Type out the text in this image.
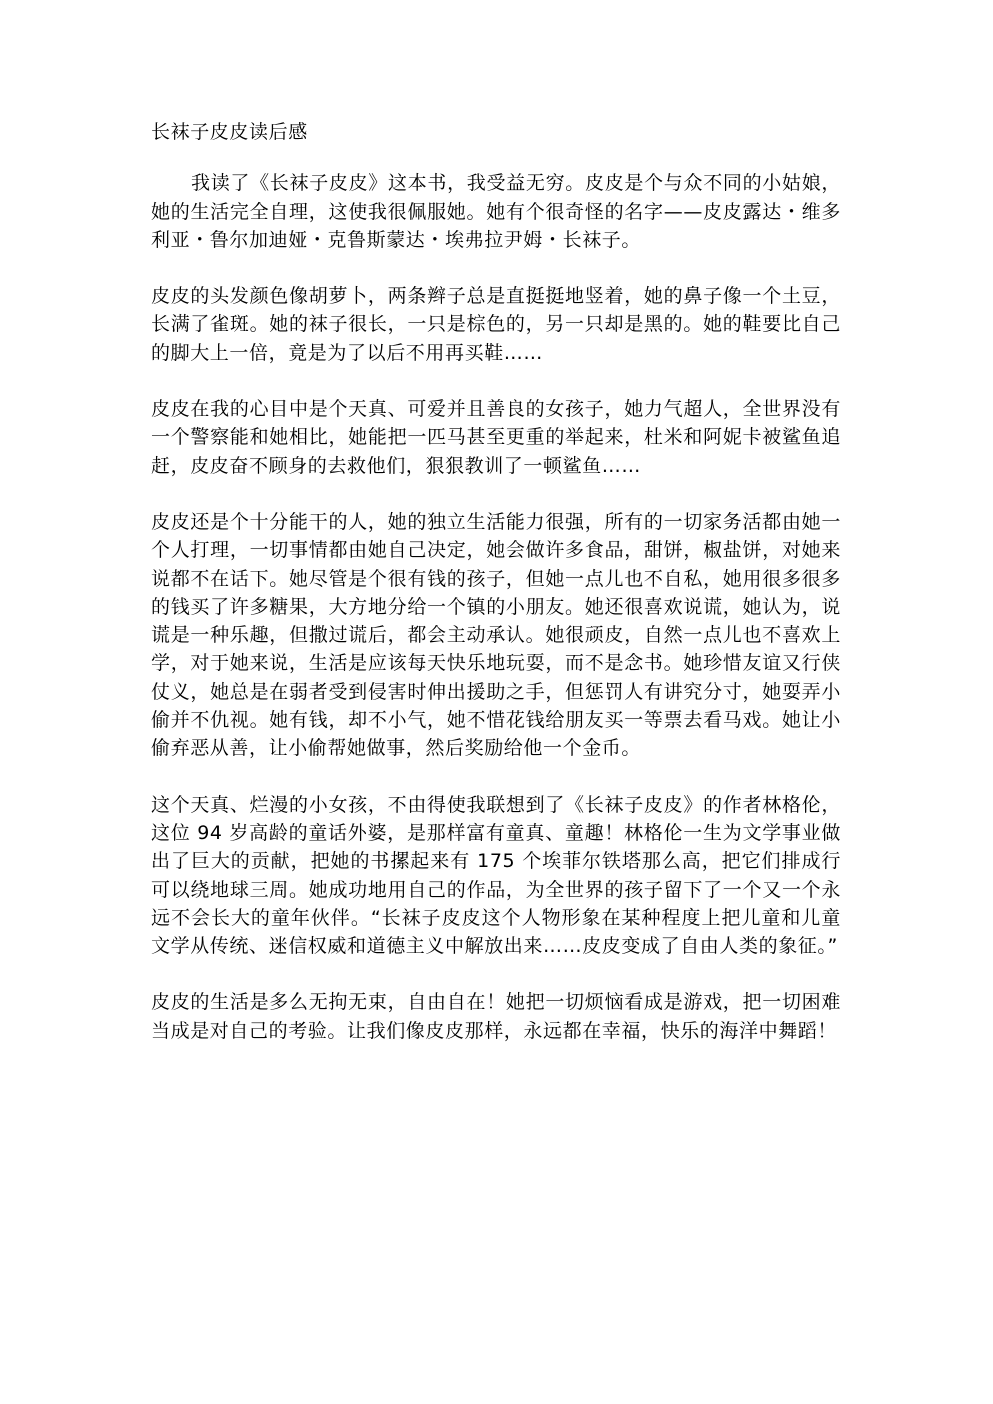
长袜子皮皮读后感

我读了《长袜子皮皮》这本书，我受益无穷。皮皮是个与众不同的小姑娘，她的生活完全自理，这使我很佩服她。她有个很奇怪的名字——皮皮露达・维多利亚・鲁尔加迪娅・克鲁斯蒙达・埃弗拉尹姆・长袜子。

皮皮的头发颜色像胡萝卜，两条辫子总是直挺挺地竖着，她的鼻子像一个土豆，长满了雀斑。她的袜子很长，一只是棕色的，另一只却是黑的。她的鞋要比自己的脚大上一倍，竟是为了以后不用再买鞋……

皮皮在我的心目中是个天真、可爱并且善良的女孩子，她力气超人，全世界没有一个警察能和她相比，她能把一匹马甚至更重的举起来，杜米和阿妮卡被鲨鱼追赶，皮皮奋不顾身的去救他们，狠狠教训了一顿鲨鱼……

皮皮还是个十分能干的人，她的独立生活能力很强，所有的一切家务活都由她一个人打理，一切事情都由她自己决定，她会做许多食品，甜饼，椒盐饼，对她来说都不在话下。她尽管是个很有钱的孩子，但她一点儿也不自私，她用很多很多的钱买了许多糖果，大方地分给一个镇的小朋友。她还很喜欢说谎，她认为，说谎是一种乐趣，但撒过谎后，都会主动承认。她很顽皮，自然一点儿也不喜欢上学，对于她来说，生活是应该每天快乐地玩耍，而不是念书。她珍惜友谊又行侠仗义，她总是在弱者受到侵害时伸出援助之手，但惩罚人有讲究分寸，她耍弄小偷并不仇视。她有钱，却不小气，她不惜花钱给朋友买一等票去看马戏。她让小偷弃恶从善，让小偷帮她做事，然后奖励给他一个金币。

这个天真、烂漫的小女孩，不由得使我联想到了《长袜子皮皮》的作者林格伦，这位 94 岁高龄的童话外婆，是那样富有童真、童趣！林格伦一生为文学事业做出了巨大的贡献，把她的书摞起来有 175 个埃菲尔铁塔那么高，把它们排成行可以绕地球三周。她成功地用自己的作品，为全世界的孩子留下了一个又一个永远不会长大的童年伙伴。“长袜子皮皮这个人物形象在某种程度上把儿童和儿童文学从传统、迷信权威和道德主义中解放出来……皮皮变成了自由人类的象征。”

皮皮的生活是多么无拘无束，自由自在！她把一切烦恼看成是游戏，把一切困难当成是对自己的考验。让我们像皮皮那样，永远都在幸福，快乐的海洋中舞蹈！
